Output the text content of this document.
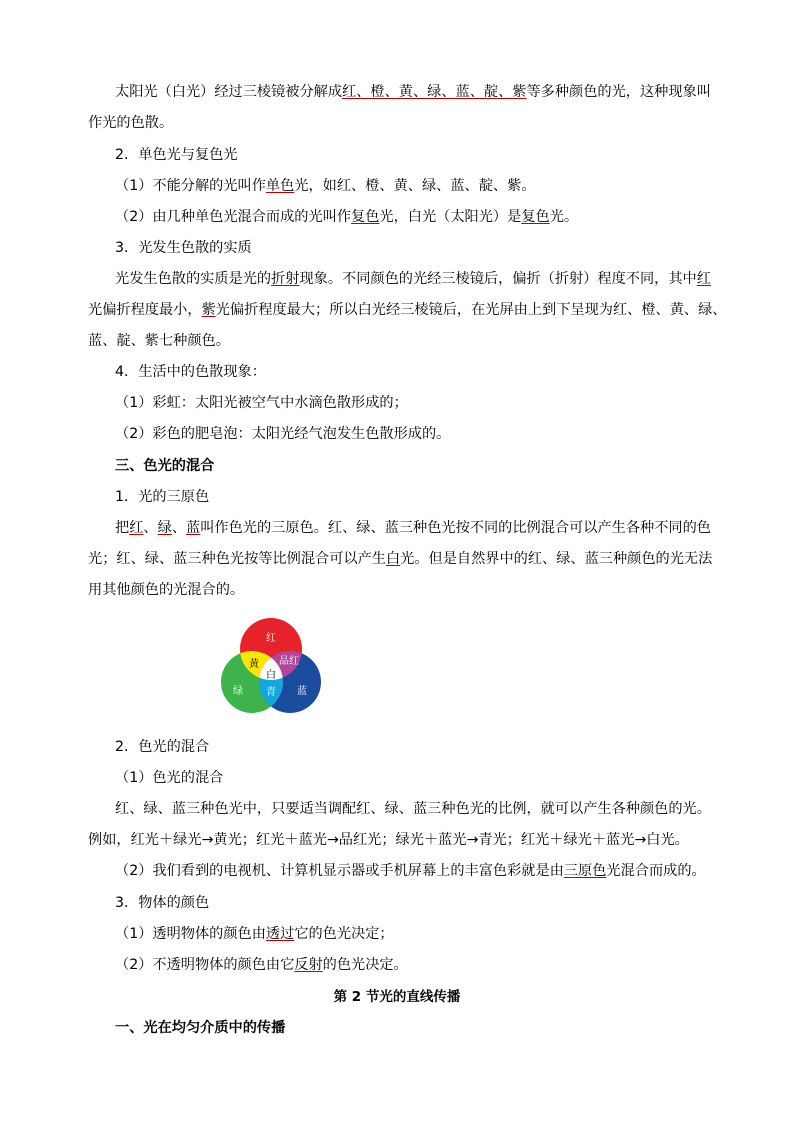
太阳光（白光）经过三棱镜被分解成红、橙、黄、绿、蓝、靛、紫等多种颜色的光，这种现象叫
作光的色散。
2．单色光与复色光
（1）不能分解的光叫作单色光，如红、橙、黄、绿、蓝、靛、紫。
（2）由几种单色光混合而成的光叫作复色光，白光（太阳光）是复色光。
3．光发生色散的实质
光发生色散的实质是光的折射现象。不同颜色的光经三棱镜后，偏折（折射）程度不同，其中红
光偏折程度最小，紫光偏折程度最大；所以白光经三棱镜后，在光屏由上到下呈现为红、橙、黄、绿、
蓝、靛、紫七种颜色。
4．生活中的色散现象：
（1）彩虹：太阳光被空气中水滴色散形成的；
（2）彩色的肥皂泡：太阳光经气泡发生色散形成的。
三、色光的混合
1．光的三原色
把红、绿、蓝叫作色光的三原色。红、绿、蓝三种色光按不同的比例混合可以产生各种不同的色
光；红、绿、蓝三种色光按等比例混合可以产生白光。但是自然界中的红、绿、蓝三种颜色的光无法
用其他颜色的光混合的。
红
绿	蓝
黄 品红
青
白
2．色光的混合
（1）色光的混合
红、绿、蓝三种色光中，只要适当调配红、绿、蓝三种色光的比例，就可以产生各种颜色的光。
例如，红光＋绿光→黄光；红光＋蓝光→品红光；绿光＋蓝光→青光；红光＋绿光＋蓝光→白光。
（2）我们看到的电视机、计算机显示器或手机屏幕上的丰富色彩就是由三原色光混合而成的。
3．物体的颜色
（1）透明物体的颜色由透过它的色光决定；
（2）不透明物体的颜色由它反射的色光决定。
第 2 节光的直线传播
一、光在均匀介质中的传播
